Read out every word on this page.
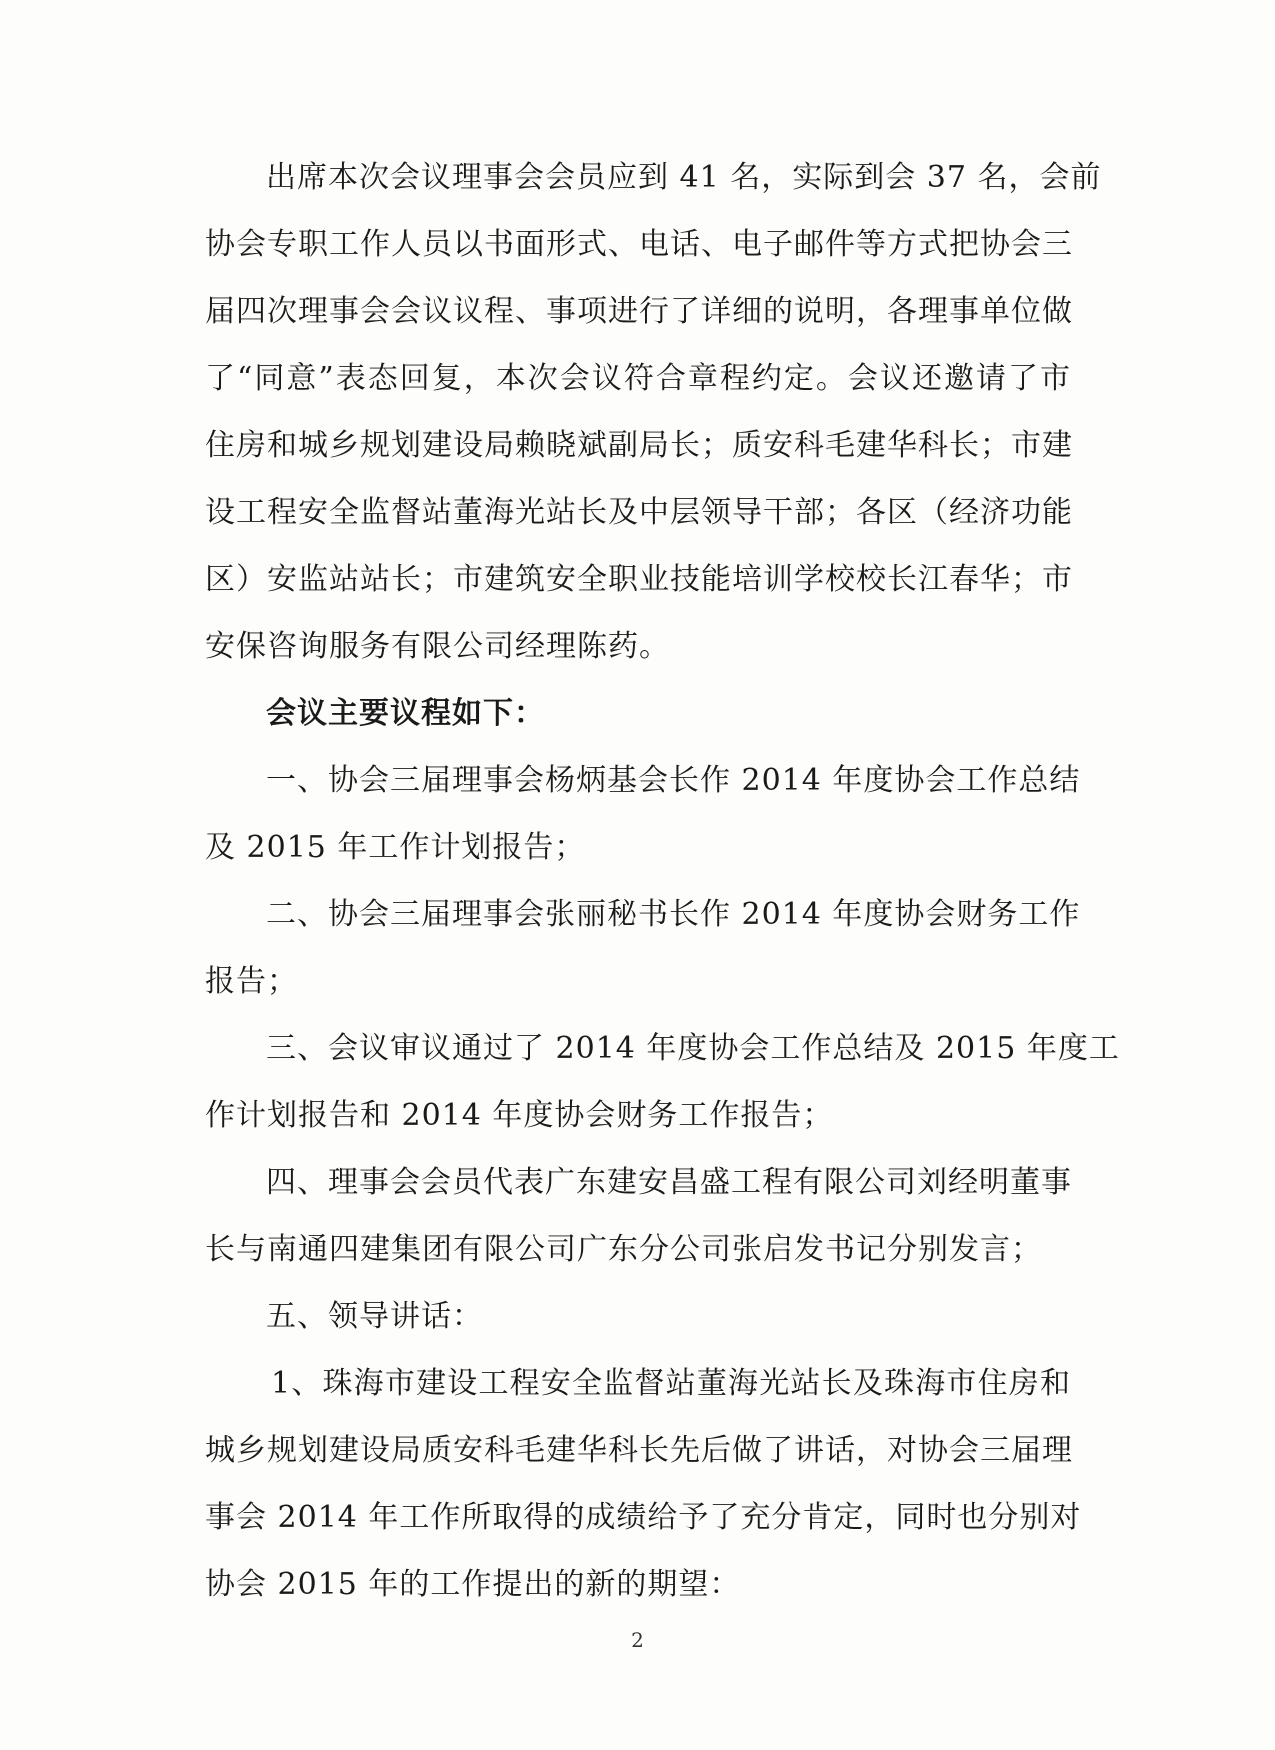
出席本次会议理事会会员应到 41 名，实际到会 37 名，会前
协会专职工作人员以书面形式、电话、电子邮件等方式把协会三
届四次理事会会议议程、事项进行了详细的说明，各理事单位做
了“同意”表态回复，本次会议符合章程约定。会议还邀请了市
住房和城乡规划建设局赖晓斌副局长；质安科毛建华科长；市建
设工程安全监督站董海光站长及中层领导干部；各区（经济功能
区）安监站站长；市建筑安全职业技能培训学校校长江春华；市
安保咨询服务有限公司经理陈药。
会议主要议程如下：
一、协会三届理事会杨炳基会长作 2014 年度协会工作总结
及 2015 年工作计划报告；
二、协会三届理事会张丽秘书长作 2014 年度协会财务工作
报告；
三、会议审议通过了 2014 年度协会工作总结及 2015 年度工
作计划报告和 2014 年度协会财务工作报告；
四、理事会会员代表广东建安昌盛工程有限公司刘经明董事
长与南通四建集团有限公司广东分公司张启发书记分别发言；
五、领导讲话：
1、珠海市建设工程安全监督站董海光站长及珠海市住房和
城乡规划建设局质安科毛建华科长先后做了讲话，对协会三届理
事会 2014 年工作所取得的成绩给予了充分肯定，同时也分别对
协会 2015 年的工作提出的新的期望：
2
